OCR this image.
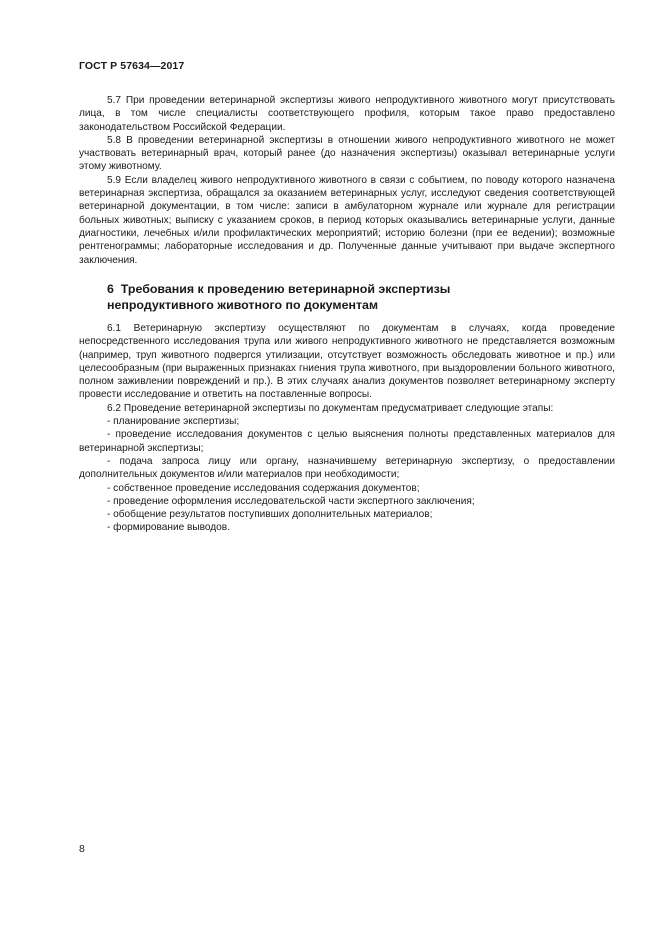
ГОСТ Р 57634—2017

5.7 При проведении ветеринарной экспертизы живого непродуктивного животного могут присутствовать лица, в том числе специалисты соответствующего профиля, которым такое право предоставлено законодательством Российской Федерации.

5.8 В проведении ветеринарной экспертизы в отношении живого непродуктивного животного не может участвовать ветеринарный врач, который ранее (до назначения экспертизы) оказывал ветеринарные услуги этому животному.

5.9 Если владелец живого непродуктивного животного в связи с событием, по поводу которого назначена ветеринарная экспертиза, обращался за оказанием ветеринарных услуг, исследуют сведения соответствующей ветеринарной документации, в том числе: записи в амбулаторном журнале или журнале для регистрации больных животных; выписку с указанием сроков, в период которых оказывались ветеринарные услуги, данные диагностики, лечебных и/или профилактических мероприятий; историю болезни (при ее ведении); возможные рентгенограммы; лабораторные исследования и др. Полученные данные учитывают при выдаче экспертного заключения.

6 Требования к проведению ветеринарной экспертизы
непродуктивного животного по документам

6.1 Ветеринарную экспертизу осуществляют по документам в случаях, когда проведение непосредственного исследования трупа или живого непродуктивного животного не представляется возможным (например, труп животного подвергся утилизации, отсутствует возможность обследовать животное и пр.) или целесообразным (при выраженных признаках гниения трупа животного, при выздоровлении больного животного, полном заживлении повреждений и пр.). В этих случаях анализ документов позволяет ветеринарному эксперту провести исследование и ответить на поставленные вопросы.

6.2 Проведение ветеринарной экспертизы по документам предусматривает следующие этапы:

- планирование экспертизы;

- проведение исследования документов с целью выяснения полноты представленных материалов для ветеринарной экспертизы;

- подача запроса лицу или органу, назначившему ветеринарную экспертизу, о предоставлении дополнительных документов и/или материалов при необходимости;

- собственное проведение исследования содержания документов;

- проведение оформления исследовательской части экспертного заключения;

- обобщение результатов поступивших дополнительных материалов;

- формирование выводов.

8
